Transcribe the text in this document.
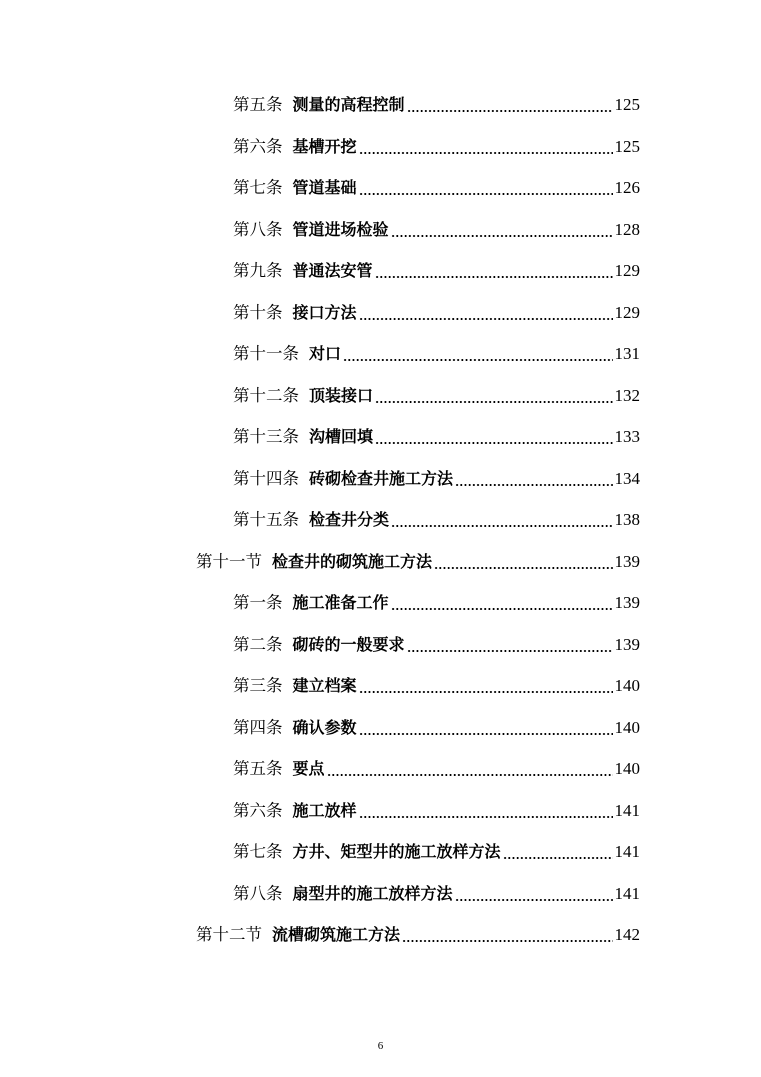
第五条 测量的高程控制	125
第六条 基槽开挖	125
第七条 管道基础	126
第八条 管道进场检验	128
第九条 普通法安管	129
第十条 接口方法	129
第十一条 对口	131
第十二条 顶装接口	132
第十三条 沟槽回填	133
第十四条 砖砌检查井施工方法	134
第十五条 检查井分类	138
第十一节 检查井的砌筑施工方法	139
第一条 施工准备工作	139
第二条 砌砖的一般要求	139
第三条 建立档案	140
第四条 确认参数	140
第五条 要点	140
第六条 施工放样	141
第七条 方井、矩型井的施工放样方法	141
第八条 扇型井的施工放样方法	141
第十二节 流槽砌筑施工方法	142
6
